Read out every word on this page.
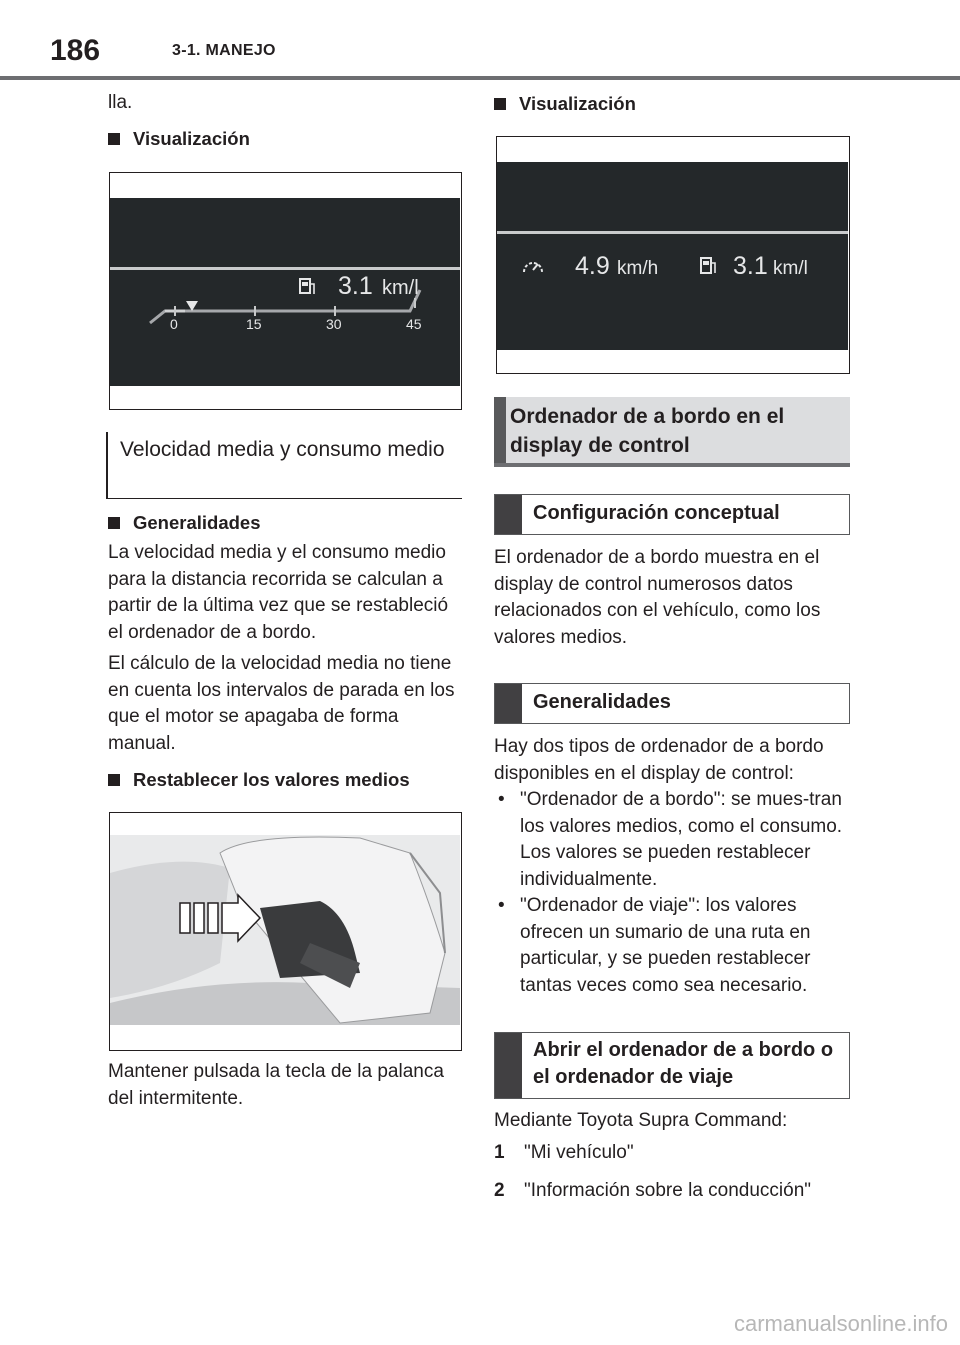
186	3-1. MANEJO
lla.
Visualización
3.1 km/l
0	15	30	45
Velocidad media y consumo medio
Generalidades
La velocidad media y el consumo medio para la distancia recorrida se calculan a partir de la última vez que se restableció el ordenador de a bordo.
El cálculo de la velocidad media no tiene en cuenta los intervalos de parada en los que el motor se apagaba de forma manual.
Restablecer los valores medios
Mantener pulsada la tecla de la palanca del intermitente.
Visualización
4.9 km/h	3.1 km/l
Ordenador de a bordo en el display de control
Configuración conceptual
El ordenador de a bordo muestra en el display de control numerosos datos relacionados con el vehículo, como los valores medios.
Generalidades
Hay dos tipos de ordenador de a bordo disponibles en el display de control:
• "Ordenador de a bordo": se mues-tran los valores medios, como el consumo. Los valores se pueden restablecer individualmente.
• "Ordenador de viaje": los valores ofrecen un sumario de una ruta en particular, y se pueden restablecer tantas veces como sea necesario.
Abrir el ordenador de a bordo o el ordenador de viaje
Mediante Toyota Supra Command:
1	"Mi vehículo"
2	"Información sobre la conducción"
carmanualsonline.info
